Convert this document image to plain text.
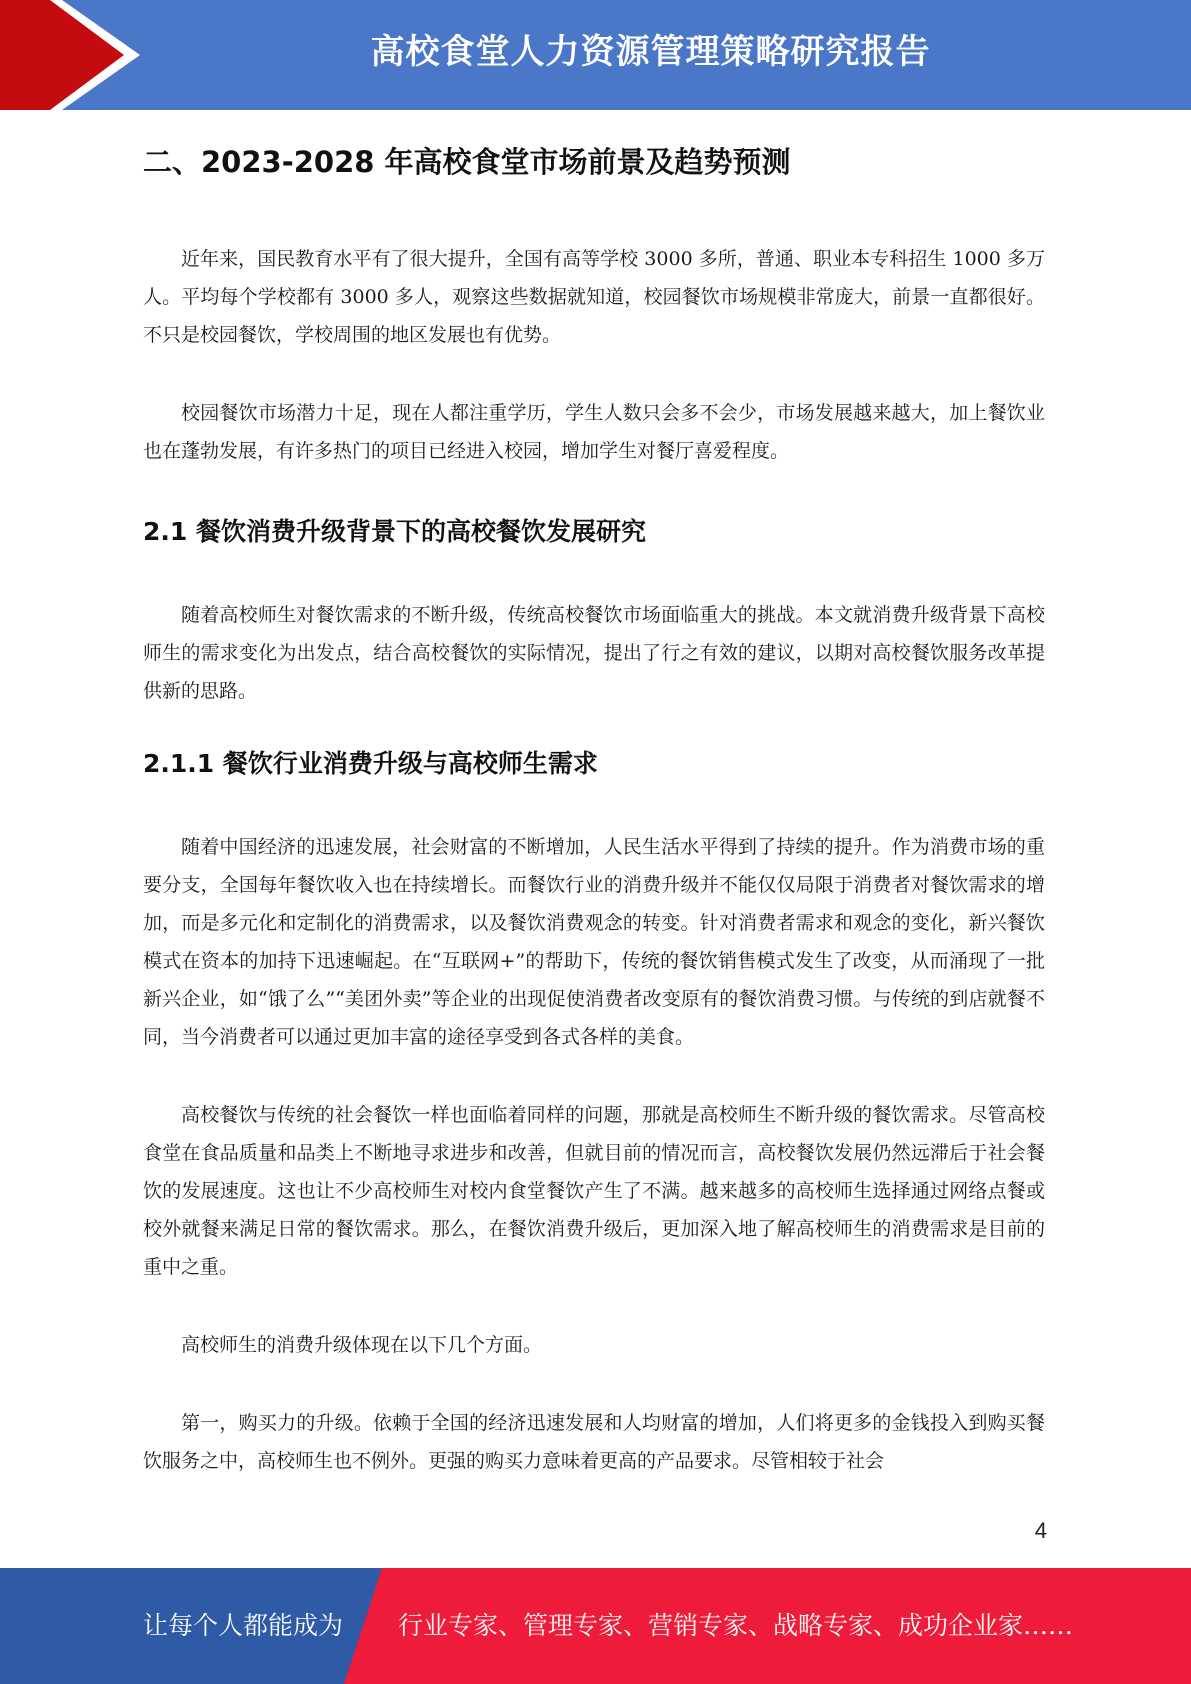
高校食堂人力资源管理策略研究报告
二、2023-2028 年高校食堂市场前景及趋势预测

近年来，国民教育水平有了很大提升，全国有高等学校 3000 多所，普通、职业本专科招生 1000 多万人。平均每个学校都有 3000 多人，观察这些数据就知道，校园餐饮市场规模非常庞大，前景一直都很好。不只是校园餐饮，学校周围的地区发展也有优势。

校园餐饮市场潜力十足，现在人都注重学历，学生人数只会多不会少，市场发展越来越大，加上餐饮业也在蓬勃发展，有许多热门的项目已经进入校园，增加学生对餐厅喜爱程度。

2.1 餐饮消费升级背景下的高校餐饮发展研究

随着高校师生对餐饮需求的不断升级，传统高校餐饮市场面临重大的挑战。本文就消费升级背景下高校师生的需求变化为出发点，结合高校餐饮的实际情况，提出了行之有效的建议，以期对高校餐饮服务改革提供新的思路。

2.1.1 餐饮行业消费升级与高校师生需求

随着中国经济的迅速发展，社会财富的不断增加，人民生活水平得到了持续的提升。作为消费市场的重要分支，全国每年餐饮收入也在持续增长。而餐饮行业的消费升级并不能仅仅局限于消费者对餐饮需求的增加，而是多元化和定制化的消费需求，以及餐饮消费观念的转变。针对消费者需求和观念的变化，新兴餐饮模式在资本的加持下迅速崛起。在“互联网+”的帮助下，传统的餐饮销售模式发生了改变，从而涌现了一批新兴企业，如“饿了么”“美团外卖”等企业的出现促使消费者改变原有的餐饮消费习惯。与传统的到店就餐不同，当今消费者可以通过更加丰富的途径享受到各式各样的美食。

高校餐饮与传统的社会餐饮一样也面临着同样的问题，那就是高校师生不断升级的餐饮需求。尽管高校食堂在食品质量和品类上不断地寻求进步和改善，但就目前的情况而言，高校餐饮发展仍然远滞后于社会餐饮的发展速度。这也让不少高校师生对校内食堂餐饮产生了不满。越来越多的高校师生选择通过网络点餐或校外就餐来满足日常的餐饮需求。那么，在餐饮消费升级后，更加深入地了解高校师生的消费需求是目前的重中之重。

高校师生的消费升级体现在以下几个方面。

第一，购买力的升级。依赖于全国的经济迅速发展和人均财富的增加，人们将更多的金钱投入到购买餐饮服务之中，高校师生也不例外。更强的购买力意味着更高的产品要求。尽管相较于社会

4
让每个人都能成为 行业专家、管理专家、营销专家、战略专家、成功企业家……
